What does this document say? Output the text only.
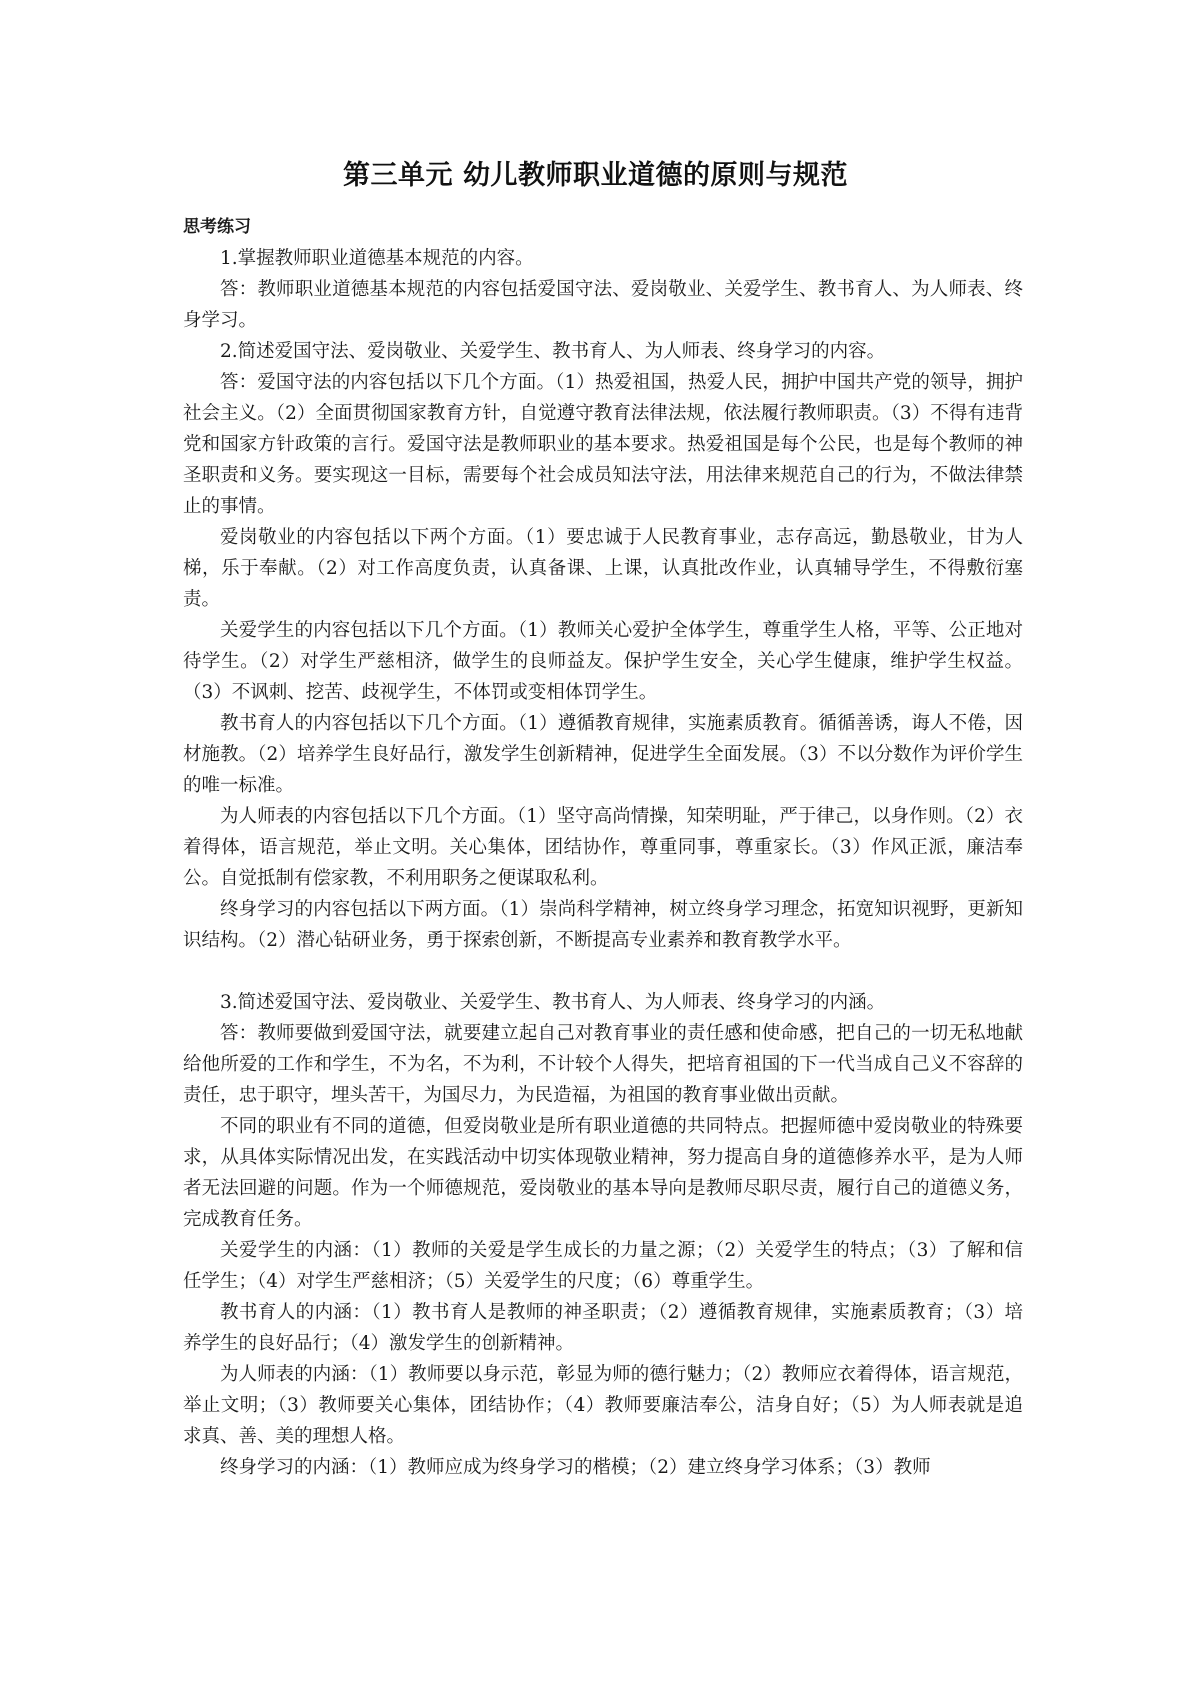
第三单元 幼儿教师职业道德的原则与规范
思考练习

1.掌握教师职业道德基本规范的内容。

答：教师职业道德基本规范的内容包括爱国守法、爱岗敬业、关爱学生、教书育人、为人师表、终身学习。

2.简述爱国守法、爱岗敬业、关爱学生、教书育人、为人师表、终身学习的内容。

答：爱国守法的内容包括以下几个方面。（1）热爱祖国，热爱人民，拥护中国共产党的领导，拥护社会主义。（2）全面贯彻国家教育方针，自觉遵守教育法律法规，依法履行教师职责。（3）不得有违背党和国家方针政策的言行。爱国守法是教师职业的基本要求。热爱祖国是每个公民，也是每个教师的神圣职责和义务。要实现这一目标，需要每个社会成员知法守法，用法律来规范自己的行为，不做法律禁止的事情。

爱岗敬业的内容包括以下两个方面。（1）要忠诚于人民教育事业，志存高远，勤恳敬业，甘为人梯，乐于奉献。（2）对工作高度负责，认真备课、上课，认真批改作业，认真辅导学生，不得敷衍塞责。

关爱学生的内容包括以下几个方面。（1）教师关心爱护全体学生，尊重学生人格，平等、公正地对待学生。（2）对学生严慈相济，做学生的良师益友。保护学生安全，关心学生健康，维护学生权益。（3）不讽刺、挖苦、歧视学生，不体罚或变相体罚学生。

教书育人的内容包括以下几个方面。（1）遵循教育规律，实施素质教育。循循善诱，诲人不倦，因材施教。（2）培养学生良好品行，激发学生创新精神，促进学生全面发展。（3）不以分数作为评价学生的唯一标准。

为人师表的内容包括以下几个方面。（1）坚守高尚情操，知荣明耻，严于律己，以身作则。（2）衣着得体，语言规范，举止文明。关心集体，团结协作，尊重同事，尊重家长。（3）作风正派，廉洁奉公。自觉抵制有偿家教，不利用职务之便谋取私利。

终身学习的内容包括以下两方面。（1）崇尚科学精神，树立终身学习理念，拓宽知识视野，更新知识结构。（2）潜心钻研业务，勇于探索创新，不断提高专业素养和教育教学水平。

3.简述爱国守法、爱岗敬业、关爱学生、教书育人、为人师表、终身学习的内涵。

答：教师要做到爱国守法，就要建立起自己对教育事业的责任感和使命感，把自己的一切无私地献给他所爱的工作和学生，不为名，不为利，不计较个人得失，把培育祖国的下一代当成自己义不容辞的责任，忠于职守，埋头苦干，为国尽力，为民造福，为祖国的教育事业做出贡献。

不同的职业有不同的道德，但爱岗敬业是所有职业道德的共同特点。把握师德中爱岗敬业的特殊要求，从具体实际情况出发，在实践活动中切实体现敬业精神，努力提高自身的道德修养水平，是为人师者无法回避的问题。作为一个师德规范，爱岗敬业的基本导向是教师尽职尽责，履行自己的道德义务，完成教育任务。

关爱学生的内涵：（1）教师的关爱是学生成长的力量之源；（2）关爱学生的特点；（3）了解和信任学生；（4）对学生严慈相济；（5）关爱学生的尺度；（6）尊重学生。

教书育人的内涵：（1）教书育人是教师的神圣职责；（2）遵循教育规律，实施素质教育；（3）培养学生的良好品行；（4）激发学生的创新精神。

为人师表的内涵：（1）教师要以身示范，彰显为师的德行魅力；（2）教师应衣着得体，语言规范，举止文明；（3）教师要关心集体，团结协作；（4）教师要廉洁奉公，洁身自好；（5）为人师表就是追求真、善、美的理想人格。

终身学习的内涵：（1）教师应成为终身学习的楷模；（2）建立终身学习体系；（3）教师
